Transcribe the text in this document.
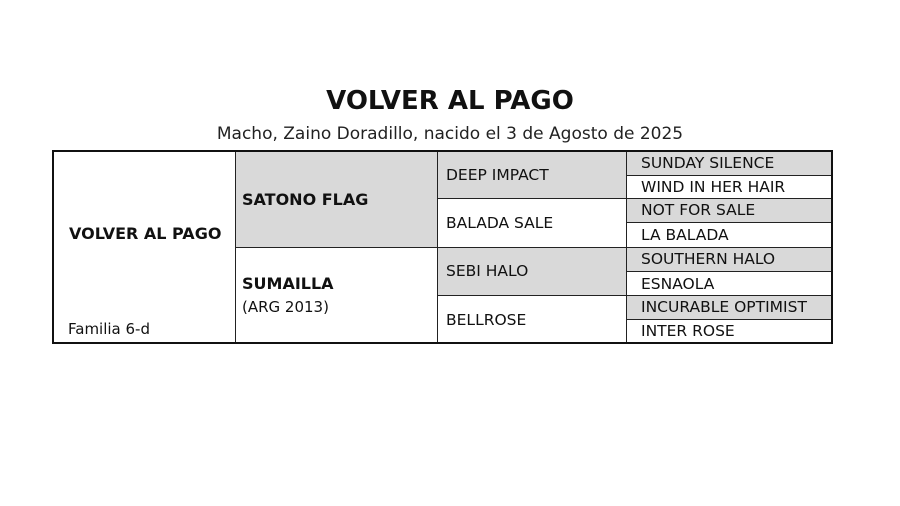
VOLVER AL PAGO
Macho, Zaino Doradillo, nacido el 3 de Agosto de 2025
VOLVER AL PAGO
Familia 6-d
SATONO FLAG
SUMAILLA
(ARG 2013)
DEEP IMPACT
BALADA SALE
SEBI HALO
BELLROSE
SUNDAY SILENCE
WIND IN HER HAIR
NOT FOR SALE
LA BALADA
SOUTHERN HALO
ESNAOLA
INCURABLE OPTIMIST
INTER ROSE
